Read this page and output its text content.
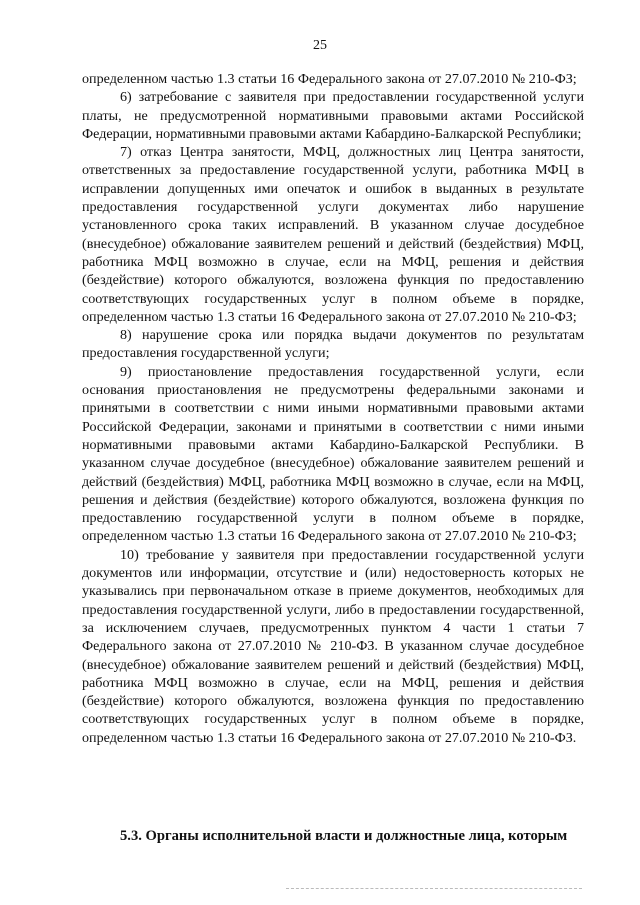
25

определенном частью 1.3 статьи 16 Федерального закона от 27.07.2010 № 210-ФЗ;

6) затребование с заявителя при предоставлении государственной услуги платы, не предусмотренной нормативными правовыми актами Российской Федерации, нормативными правовыми актами Кабардино-Балкарской Республики;

7) отказ Центра занятости, МФЦ, должностных лиц Центра занятости, ответственных за предоставление государственной услуги, работника МФЦ в исправлении допущенных ими опечаток и ошибок в выданных в результате предоставления государственной услуги документах либо нарушение установленного срока таких исправлений. В указанном случае досудебное (внесудебное) обжалование заявителем решений и действий (бездействия) МФЦ, работника МФЦ возможно в случае, если на МФЦ, решения и действия (бездействие) которого обжалуются, возложена функция по предоставлению соответствующих государственных услуг в полном объеме в порядке, определенном частью 1.3 статьи 16 Федерального закона от 27.07.2010 № 210-ФЗ;

8) нарушение срока или порядка выдачи документов по результатам предоставления государственной услуги;

9) приостановление предоставления государственной услуги, если основания приостановления не предусмотрены федеральными законами и принятыми в соответствии с ними иными нормативными правовыми актами Российской Федерации, законами и принятыми в соответствии с ними иными нормативными правовыми актами Кабардино-Балкарской Республики. В указанном случае досудебное (внесудебное) обжалование заявителем решений и действий (бездействия) МФЦ, работника МФЦ возможно в случае, если на МФЦ, решения и действия (бездействие) которого обжалуются, возложена функция по предоставлению государственной услуги в полном объеме в порядке, определенном частью 1.3 статьи 16 Федерального закона от 27.07.2010 № 210-ФЗ;

10) требование у заявителя при предоставлении государственной услуги документов или информации, отсутствие и (или) недостоверность которых не указывались при первоначальном отказе в приеме документов, необходимых для предоставления государственной услуги, либо в предоставлении государственной, за исключением случаев, предусмотренных пунктом 4 части 1 статьи 7 Федерального закона от 27.07.2010 № 210-ФЗ. В указанном случае досудебное (внесудебное) обжалование заявителем решений и действий (бездействия) МФЦ, работника МФЦ возможно в случае, если на МФЦ, решения и действия (бездействие) которого обжалуются, возложена функция по предоставлению соответствующих государственных услуг в полном объеме в порядке, определенном частью 1.3 статьи 16 Федерального закона от 27.07.2010 № 210-ФЗ.

5.3. Органы исполнительной власти и должностные лица, которым
